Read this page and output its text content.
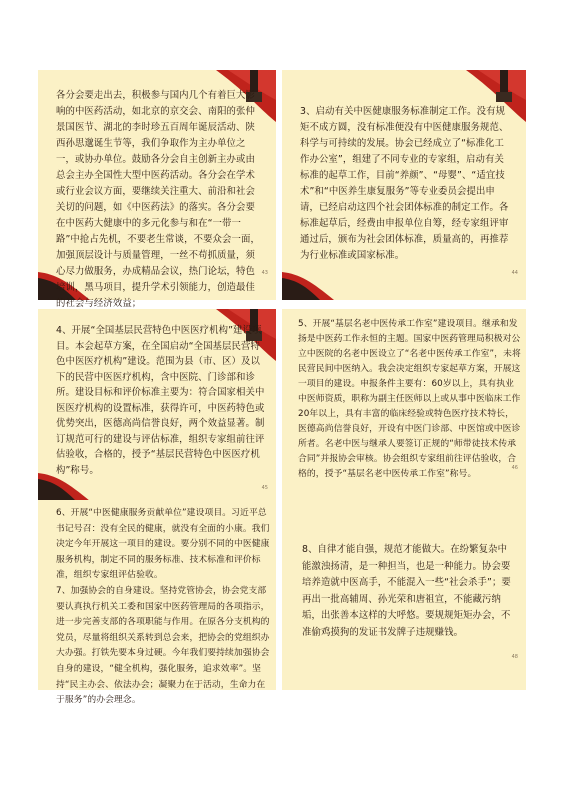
各分会要走出去，积极参与国内几个有着巨大影响的中医药活动，如北京的京交会、南阳的张仲景国医节、湖北的李时珍五百周年诞辰活动、陕西孙思邈诞生节等，我们争取作为主办单位之一，或协办单位。鼓励各分会自主创新主办或由总会主办全国性大型中医药活动。各分会在学术或行业会议方面，要继续关注重大、前沿和社会关切的问题，如《中医药法》的落实。各分会要在中医药大健康中的多元化参与和在“一带一路”中抢占先机，不要老生常谈，不要众会一面，加强顶层设计与质量管理，一丝不苟抓质量，须心尽力做服务，办成精品会议，热门论坛，特色培训，黑马项目，提升学术引领能力，创造最佳的社会与经济效益；
43
3、启动有关中医健康服务标准制定工作。没有规矩不成方圆，没有标准便没有中医健康服务规范、科学与可持续的发展。协会已经成立了“标准化工作办公室”，组建了不同专业的专家组，启动有关标准的起草工作，目前“养颜”、“母婴”、“适宜技术”和“中医养生康复服务”等专业委员会提出申请，已经启动这四个社会团体标准的制定工作。各标准起草后，经费由申报单位自筹，经专家组评审通过后，颁布为社会团体标准，质量高的，再推荐为行业标准或国家标准。
44
4、开展“全国基层民营特色中医医疗机构”建设项目。本会起草方案，在全国启动“全国基层民营特色中医医疗机构”建设。范围为县（市、区）及以下的民营中医医疗机构，含中医院、门诊部和诊所。建设目标和评价标准主要为：符合国家相关中医医疗机构的设置标准，获得许可，中医药特色或优势突出，医德高尚信誉良好，两个效益显著。制订规范可行的建设与评估标准，组织专家组前往评估验收，合格的，授予“基层民营特色中医医疗机构”称号。
45
5、开展“基层名老中医传承工作室”建设项目。继承和发扬是中医药工作永恒的主题。国家中医药管理局积极对公立中医院的名老中医设立了“名老中医传承工作室”，未将民营民间中医纳入。我会决定组织专家起草方案，开展这一项目的建设。申报条件主要有：60岁以上，具有执业中医师资质，职称为副主任医师以上或从事中医临床工作20年以上，具有丰富的临床经验或特色医疗技术特长，医德高尚信誉良好，开设有中医门诊部、中医馆或中医诊所者。名老中医与继承人要签订正规的“师带徒技术传承合同”并报协会审核。协会组织专家组前往评估验收，合格的，授予“基层名老中医传承工作室”称号。
46
6、开展“中医健康服务贡献单位”建设项目。习近平总书记号召：没有全民的健康，就没有全面的小康。我们决定今年开展这一项目的建设。要分别不同的中医健康服务机构，制定不同的服务标准、技术标准和评价标准，组织专家组评估验收。
7、加强协会的自身建设。坚持党管协会，协会党支部要认真执行机关工委和国家中医药管理局的各项指示，进一步完善支部的各项职能与作用。在原各分支机构的党员，尽量将组织关系转到总会来，把协会的党组织办大办强。打铁先要本身过硬。今年我们要持续加强协会自身的建设，“健全机构，强化服务，追求效率”。坚持“民主办会、依法办会；凝聚力在于活动，生命力在于服务”的办会理念。
8、自律才能自强，规范才能做大。在纷繁复杂中能激浊扬清，是一种担当，也是一种能力。协会要培养造就中医高手，不能混入一些“社会杀手”；要再出一批高辅周、孙光荣和唐祖宣，不能藏污纳垢，出张善本这样的大呼悠。要规规矩矩办会，不准偷鸡摸狗的发证书发牌子违规赚钱。
48
